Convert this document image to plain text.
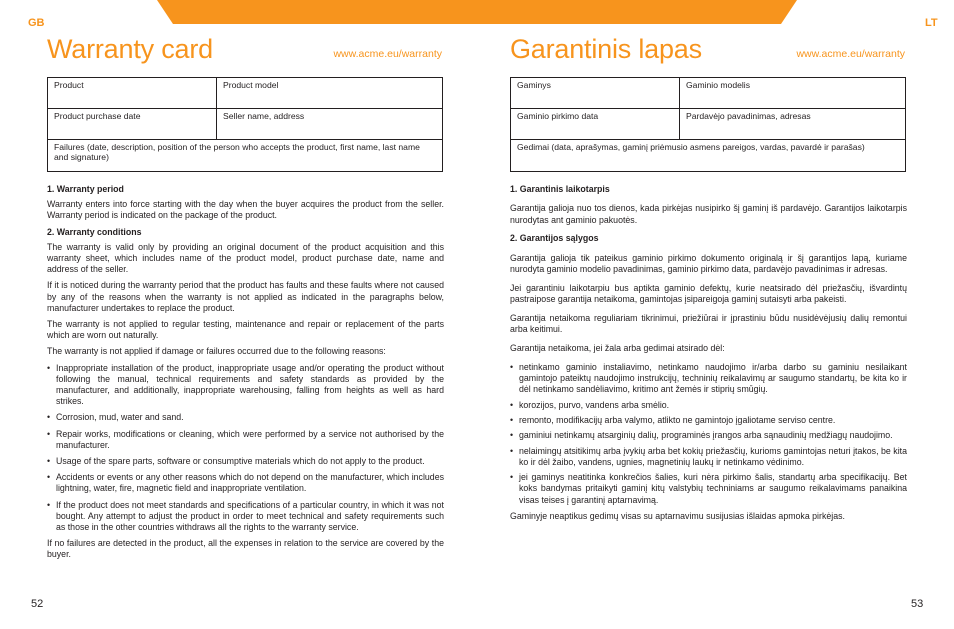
GB	LT
Warranty card	www.acme.eu/warranty
Product	Product model
Product purchase date	Seller name, address
Failures (date, description, position of the person who accepts the product, first name, last name and signature)	

1. Warranty period

Warranty enters into force starting with the day when the buyer acquires the product from the seller. Warranty period is indicated on the package of the product.

2. Warranty conditions

The warranty is valid only by providing an original document of the product acquisition and this warranty sheet, which includes name of the product model, product purchase date, name and address of the seller.

If it is noticed during the warranty period that the product has faults and these faults where not caused by any of the reasons when the warranty is not applied as indicated in the paragraphs below, manufacturer undertakes to replace the product.

The warranty is not applied to regular testing, maintenance and repair or replacement of the parts which are worn out naturally.

The warranty is not applied if damage or failures occurred due to the following reasons:

• Inappropriate installation of the product, inappropriate usage and/or operating the product without following the manual, technical requirements and safety standards as provided by the manufacturer, and additionally, inappropriate warehousing, falling from heights as well as hard strikes.
• Corrosion, mud, water and sand.
• Repair works, modifications or cleaning, which were performed by a service not authorised by the manufacturer.
• Usage of the spare parts, software or consumptive materials which do not apply to the product.
• Accidents or events or any other reasons which do not depend on the manufacturer, which includes lightning, water, fire, magnetic field and inappropriate ventilation.
• If the product does not meet standards and specifications of a particular country, in which it was not bought. Any attempt to adjust the product in order to meet technical and safety requirements such as those in the other countries withdraws all the rights to the warranty service.

If no failures are detected in the product, all the expenses in relation to the service are covered by the buyer.

Garantinis lapas	www.acme.eu/warranty
Gaminys	Gaminio modelis
Gaminio pirkimo data	Pardavėjo pavadinimas, adresas
Gedimai (data, aprašymas, gaminį priėmusio asmens pareigos, vardas, pavardė ir parašas)	

1. Garantinis laikotarpis

Garantija galioja nuo tos dienos, kada pirkėjas nusipirko šį gaminį iš pardavėjo. Garantijos laikotarpis nurodytas ant gaminio pakuotės.

2. Garantijos sąlygos

Garantija galioja tik pateikus gaminio pirkimo dokumento originalą ir šį garantijos lapą, kuriame nurodyta gaminio modelio pavadinimas, gaminio pirkimo data, pardavėjo pavadinimas ir adresas.

Jei garantiniu laikotarpiu bus aptikta gaminio defektų, kurie neatsirado dėl priežasčių, išvardintų pastraipose garantija netaikoma, gamintojas įsipareigoja gaminį sutaisyti arba pakeisti.

Garantija netaikoma reguliariam tikrinimui, priežiūrai ir įprastiniu būdu nusidėvėjusių dalių remontui arba keitimui.

Garantija netaikoma, jei žala arba gedimai atsirado dėl:

• netinkamo gaminio instaliavimo, netinkamo naudojimo ir/arba darbo su gaminiu nesilaikant gamintojo pateiktų naudojimo instrukcijų, techninių reikalavimų ar saugumo standartų, be kita ko ir dėl netinkamo sandėliavimo, kritimo ant žemės ir stiprių smūgių.
• korozijos, purvo, vandens arba smėlio.
• remonto, modifikacijų arba valymo, atlikto ne gamintojo įgaliotame serviso centre.
• gaminiui netinkamų atsarginių dalių, programinės įrangos arba sąnaudinių medžiagų naudojimo.
• nelaimingų atsitikimų arba įvykių arba bet kokių priežasčių, kurioms gamintojas neturi įtakos, be kita ko ir dėl žaibo, vandens, ugnies, magnetinių laukų ir netinkamo vėdinimo.
• jei gaminys neatitinka konkrečios šalies, kuri nėra pirkimo šalis, standartų arba specifikacijų. Bet koks bandymas pritaikyti gaminį kitų valstybių techniniams ar saugumo reikalavimams panaikina visas teises į garantinį aptarnavimą.

Gaminyje neaptikus gedimų visas su aptarnavimu susijusias išlaidas apmoka pirkėjas.

52	53
